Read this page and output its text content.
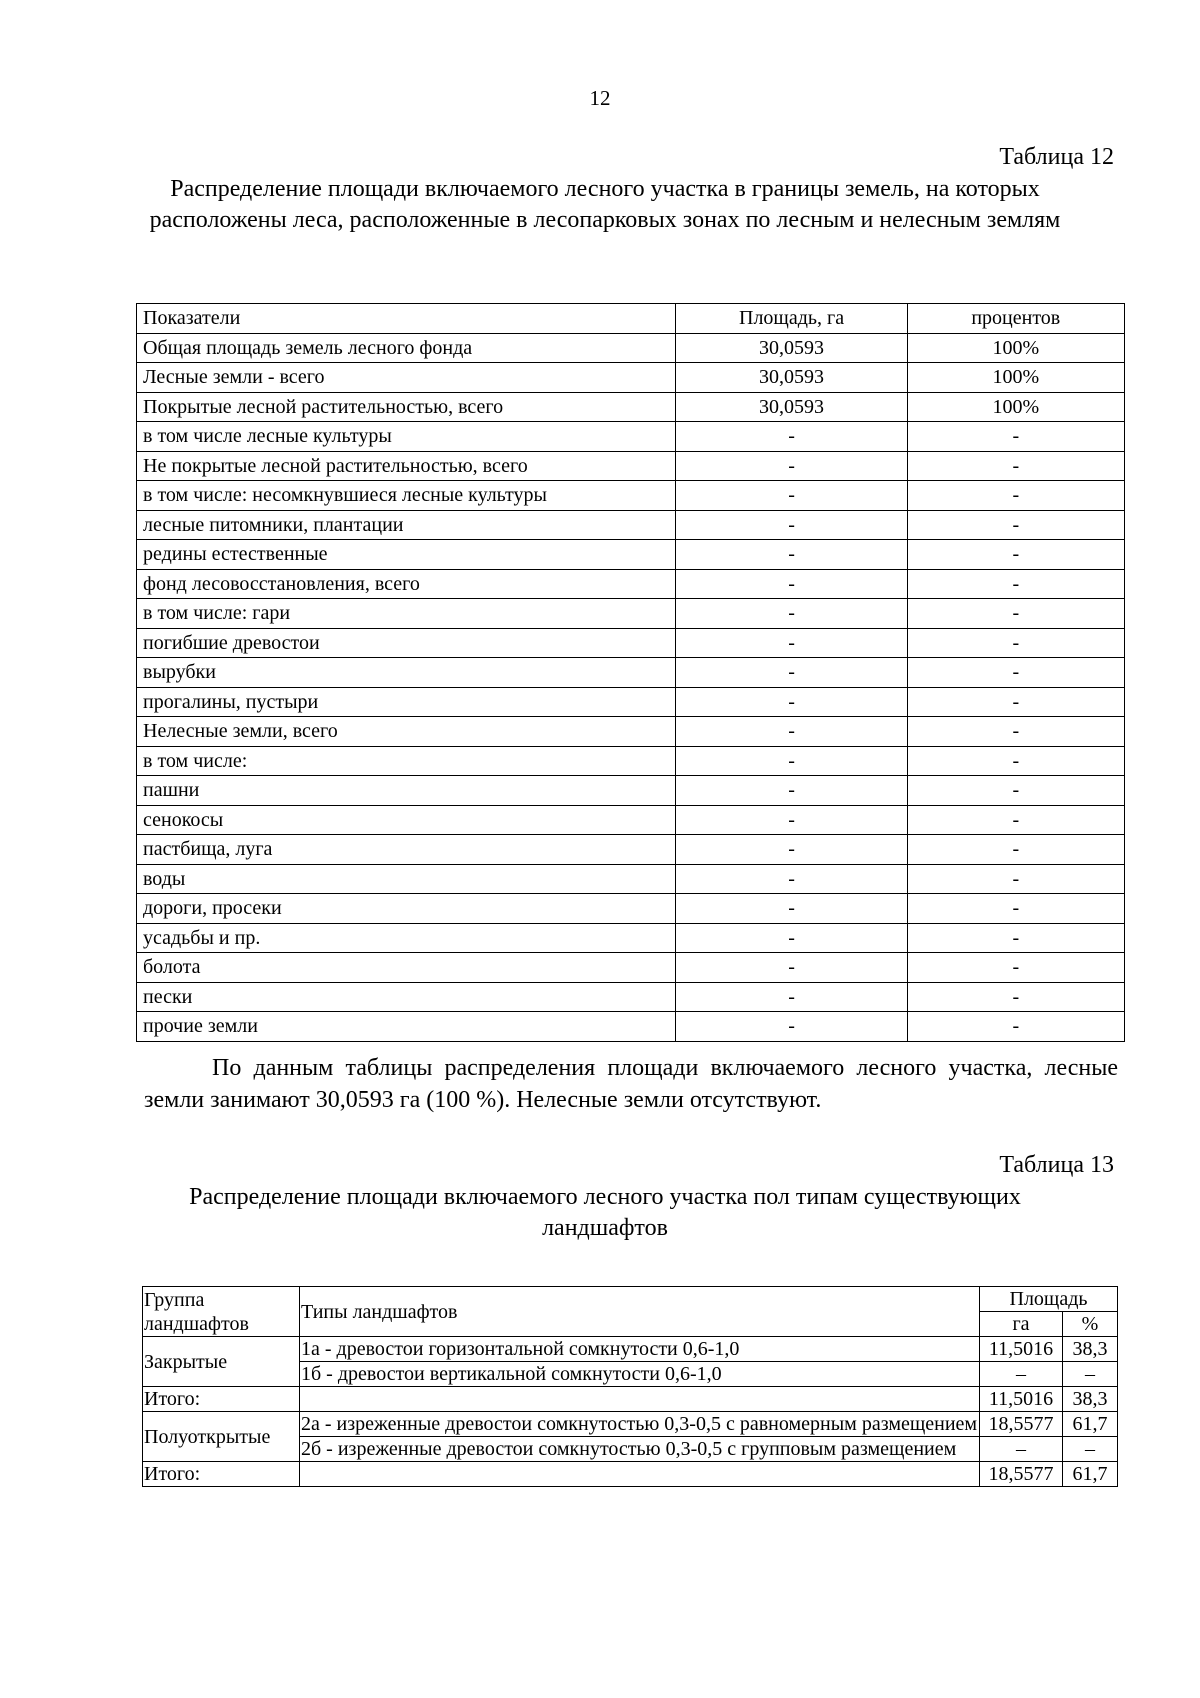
12
Таблица 12
Распределение площади включаемого лесного участка в границы земель, на которых расположены леса, расположенные в лесопарковых зонах по лесным и нелесным землям
Показатели	Площадь, га	процентов
Общая площадь земель лесного фонда	30,0593	100%
Лесные земли - всего	30,0593	100%
Покрытые лесной растительностью, всего	30,0593	100%
в том числе лесные культуры	-	-
Не покрытые лесной растительностью, всего	-	-
в том числе: несомкнувшиеся лесные культуры	-	-
лесные питомники, плантации	-	-
редины естественные	-	-
фонд лесовосстановления, всего	-	-
в том числе: гари	-	-
погибшие древостои	-	-
вырубки	-	-
прогалины, пустыри	-	-
Нелесные земли, всего	-	-
в том числе:	-	-
пашни	-	-
сенокосы	-	-
пастбища, луга	-	-
воды	-	-
дороги, просеки	-	-
усадьбы и пр.	-	-
болота	-	-
пески	-	-
прочие земли	-	-
По данным таблицы распределения площади включаемого лесного участка, лесные земли занимают 30,0593 га (100 %). Нелесные земли отсутствуют.
Таблица 13
Распределение площади включаемого лесного участка пол типам существующих ландшафтов
Группа ландшафтов	Типы ландшафтов	Площадь	
		га	%
Закрытые	1а - древостои горизонтальной сомкнутости 0,6-1,0	11,5016	38,3
	1б - древостои вертикальной сомкнутости 0,6-1,0	–	–
Итого:		11,5016	38,3
Полуоткрытые	2а - изреженные древостои сомкнутостью 0,3-0,5 с равномерным размещением	18,5577	61,7
	2б - изреженные древостои сомкнутостью 0,3-0,5 с групповым размещением	–	–
Итого:		18,5577	61,7
